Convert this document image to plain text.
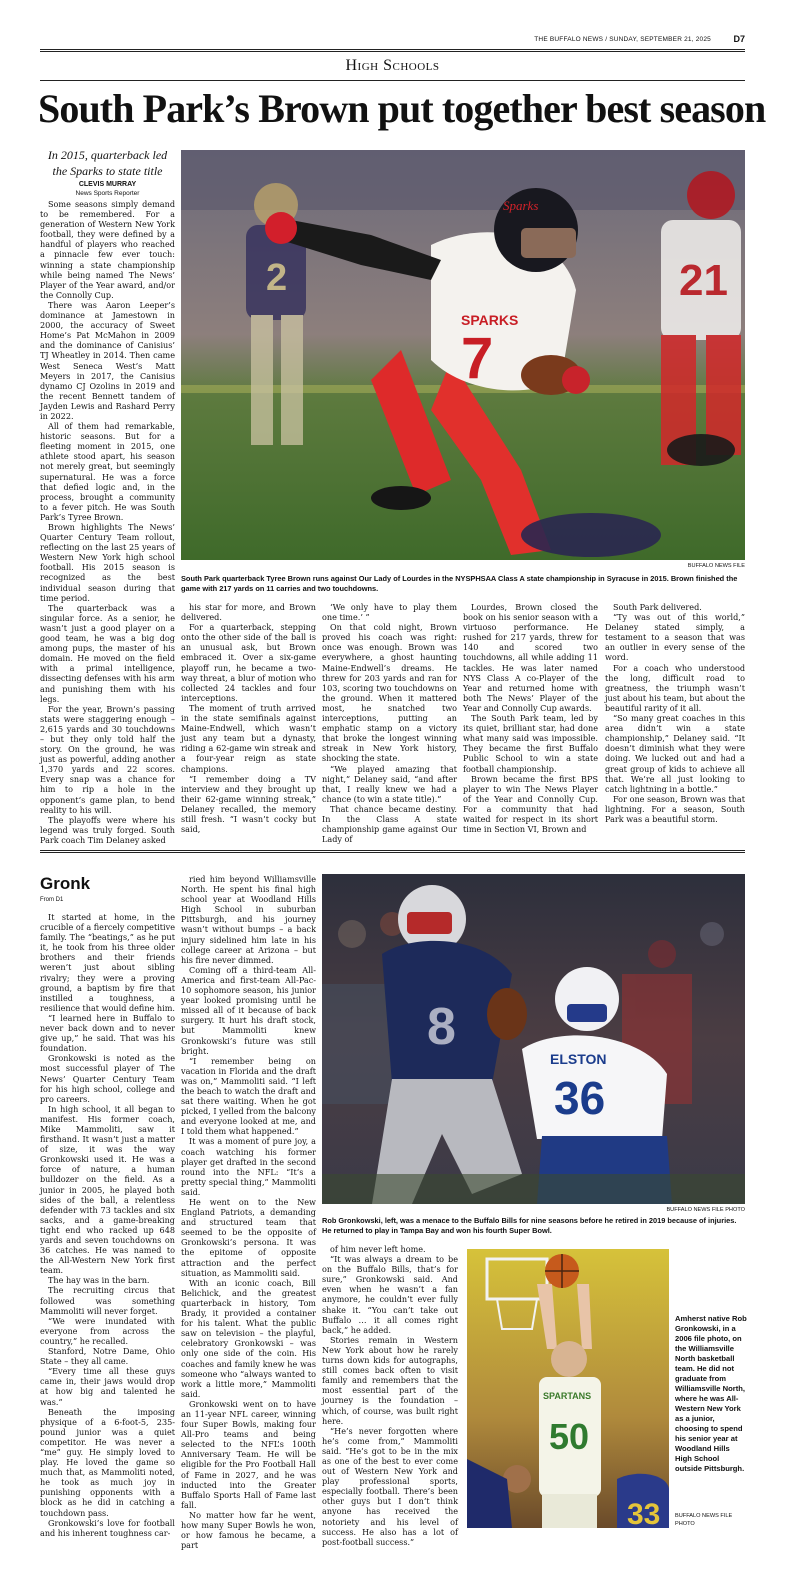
THE BUFFALO NEWS / SUNDAY, SEPTEMBER 21, 2025 D7
High Schools
South Park’s Brown put together best season
In 2015, quarterback led the Sparks to state title
CLEVIS MURRAY
News Sports Reporter

Some seasons simply demand to be remembered. For a generation of Western New York football, they were defined by a handful of players who reached a pinnacle few ever touch: winning a state championship while being named The News’ Player of the Year award, and/or the Connolly Cup.

There was Aaron Leeper’s dominance at Jamestown in 2000, the accuracy of Sweet Home’s Pat McMahon in 2009 and the dominance of Canisius’ TJ Wheatley in 2014. Then came West Seneca West’s Matt Meyers in 2017, the Canisius dynamo CJ Ozolins in 2019 and the recent Bennett tandem of Jayden Lewis and Rashard Perry in 2022.

All of them had remarkable, historic seasons. But for a fleeting moment in 2015, one athlete stood apart, his season not merely great, but seemingly supernatural. He was a force that defied logic and, in the process, brought a community to a fever pitch. He was South Park’s Tyree Brown.

Brown highlights The News’ Quarter Century Team rollout, reflecting on the last 25 years of Western New York high school football. His 2015 season is recognized as the best individual season during that time period.

The quarterback was a singular force. As a senior, he wasn’t just a good player on a good team, he was a big dog among pups, the master of his domain. He moved on the field with a primal intelligence, dissecting defenses with his arm and punishing them with his legs.

For the year, Brown’s passing stats were staggering enough – 2,615 yards and 30 touchdowns – but they only told half the story. On the ground, he was just as powerful, adding another 1,370 yards and 22 scores. Every snap was a chance for him to rip a hole in the opponent’s game plan, to bend reality to his will.

The playoffs were where his legend was truly forged. South Park coach Tim Delaney asked

his star for more, and Brown delivered.

For a quarterback, stepping onto the other side of the ball is an unusual ask, but Brown embraced it. Over a six-game playoff run, he became a two-way threat, a blur of motion who collected 24 tackles and four interceptions.

The moment of truth arrived in the state semifinals against Maine-Endwell, which wasn’t just any team but a dynasty, riding a 62-game win streak and a four-year reign as state champions.

“I remember doing a TV interview and they brought up their 62-game winning streak,” Delaney recalled, the memory still fresh. “I wasn’t cocky but said,

‘We only have to play them one time.’ ”

On that cold night, Brown proved his coach was right: once was enough. Brown was everywhere, a ghost haunting Maine-Endwell’s dreams. He threw for 203 yards and ran for 103, scoring two touchdowns on the ground. When it mattered most, he snatched two interceptions, putting an emphatic stamp on a victory that broke the longest winning streak in New York history, shocking the state.

“We played amazing that night,” Delaney said, “and after that, I really knew we had a chance (to win a state title).”

That chance became destiny. In the Class A state championship game against Our Lady of

Lourdes, Brown closed the book on his senior season with a virtuoso performance. He rushed for 217 yards, threw for 140 and scored two touchdowns, all while adding 11 tackles. He was later named NYS Class A co-Player of the Year and returned home with both The News’ Player of the Year and Connolly Cup awards.

The South Park team, led by its quiet, brilliant star, had done what many said was impossible. They became the first Buffalo Public School to win a state football championship.

Brown became the first BPS player to win The News Player of the Year and Connolly Cup. For a community that had waited for respect in its short time in Section VI, Brown and

South Park delivered.

“Ty was out of this world,” Delaney stated simply, a testament to a season that was an outlier in every sense of the word.

For a coach who understood the long, difficult road to greatness, the triumph wasn’t just about his team, but about the beautiful rarity of it all.

“So many great coaches in this area didn’t win a state championship,” Delaney said. “It doesn’t diminish what they were doing. We lucked out and had a great group of kids to achieve all that. We’re all just looking to catch lightning in a bottle.”

For one season, Brown was that lightning. For a season, South Park was a beautiful storm.

2	21
SPARKS
7
Sparks
BUFFALO NEWS FILE
South Park quarterback Tyree Brown runs against Our Lady of Lourdes in the NYSPHSAA Class A state championship in Syracuse in 2015. Brown finished the game with 217 yards on 11 carries and two touchdowns.
Gronk
From D1

It started at home, in the crucible of a fiercely competitive family. The “beatings,” as he put it, he took from his three older brothers and their friends weren’t just about sibling rivalry; they were a proving ground, a baptism by fire that instilled a toughness, a resilience that would define him.

“I learned here in Buffalo to never back down and to never give up,” he said. That was his foundation.

Gronkowski is noted as the most successful player of The News’ Quarter Century Team for his high school, college and pro careers.

In high school, it all began to manifest. His former coach, Mike Mammoliti, saw it firsthand. It wasn’t just a matter of size, it was the way Gronkowski used it. He was a force of nature, a human bulldozer on the field. As a junior in 2005, he played both sides of the ball, a relentless defender with 73 tackles and six sacks, and a game-breaking tight end who racked up 648 yards and seven touchdowns on 36 catches. He was named to the All-Western New York first team.

The hay was in the barn.

The recruiting circus that followed was something Mammoliti will never forget.

“We were inundated with everyone from across the country,” he recalled.

Stanford, Notre Dame, Ohio State – they all came.

“Every time all these guys came in, their jaws would drop at how big and talented he was.”

Beneath the imposing physique of a 6-foot-5, 235-pound junior was a quiet competitor. He was never a “me” guy. He simply loved to play. He loved the game so much that, as Mammoliti noted, he took as much joy in punishing opponents with a block as he did in catching a touchdown pass.

Gronkowski’s love for football and his inherent toughness car-

ried him beyond Williamsville North. He spent his final high school year at Woodland Hills High School in suburban Pittsburgh, and his journey wasn’t without bumps – a back injury sidelined him late in his college career at Arizona – but his fire never dimmed.

Coming off a third-team All-America and first-team All-Pac-10 sophomore season, his junior year looked promising until he missed all of it because of back surgery. It hurt his draft stock, but Mammoliti knew Gronkowski’s future was still bright.

“I remember being on vacation in Florida and the draft was on,” Mammoliti said. “I left the beach to watch the draft and sat there waiting. When he got picked, I yelled from the balcony and everyone looked at me, and I told them what happened.”

It was a moment of pure joy, a coach watching his former player get drafted in the second round into the NFL: “It’s a pretty special thing,” Mammoliti said.

He went on to the New England Patriots, a demanding and structured team that seemed to be the opposite of Gronkowski’s persona. It was the epitome of opposite attraction and the perfect situation, as Mammoliti said.

With an iconic coach, Bill Belichick, and the greatest quarterback in history, Tom Brady, it provided a container for his talent. What the public saw on television – the playful, celebratory Gronkowski – was only one side of the coin. His coaches and family knew he was someone who “always wanted to work a little more,” Mammoliti said.

Gronkowski went on to have an 11-year NFL career, winning four Super Bowls, making four All-Pro teams and being selected to the NFL’s 100th Anniversary Team. He will be eligible for the Pro Football Hall of Fame in 2027, and he was inducted into the Greater Buffalo Sports Hall of Fame last fall.

No matter how far he went, how many Super Bowls he won, or how famous he became, a part

of him never left home.

“It was always a dream to be on the Buffalo Bills, that’s for sure,” Gronkowski said. And even when he wasn’t a fan anymore, he couldn’t ever fully shake it. “You can’t take out Buffalo … it all comes right back,” he added.

Stories remain in Western New York about how he rarely turns down kids for autographs, still comes back often to visit family and remembers that the most essential part of the journey is the foundation – which, of course, was built right here.

“He’s never forgotten where he’s come from,” Mammoliti said. “He’s got to be in the mix as one of the best to ever come out of Western New York and play professional sports, especially football. There’s been other guys but I don’t think anyone has received the notoriety and his level of success. He also has a lot of post-football success.”

8
ELSTON
36
BUFFALO NEWS FILE PHOTO
Rob Gronkowski, left, was a menace to the Buffalo Bills for nine seasons before he retired in 2019 because of injuries. He returned to play in Tampa Bay and won his fourth Super Bowl.
SPARTANS
50
33
Amherst native Rob Gronkowski, in a 2006 file photo, on the Williamsville North basketball team. He did not graduate from Williamsville North, where he was All-Western New York as a junior, choosing to spend his senior year at Woodland Hills High School outside Pittsburgh.
BUFFALO NEWS FILE PHOTO
